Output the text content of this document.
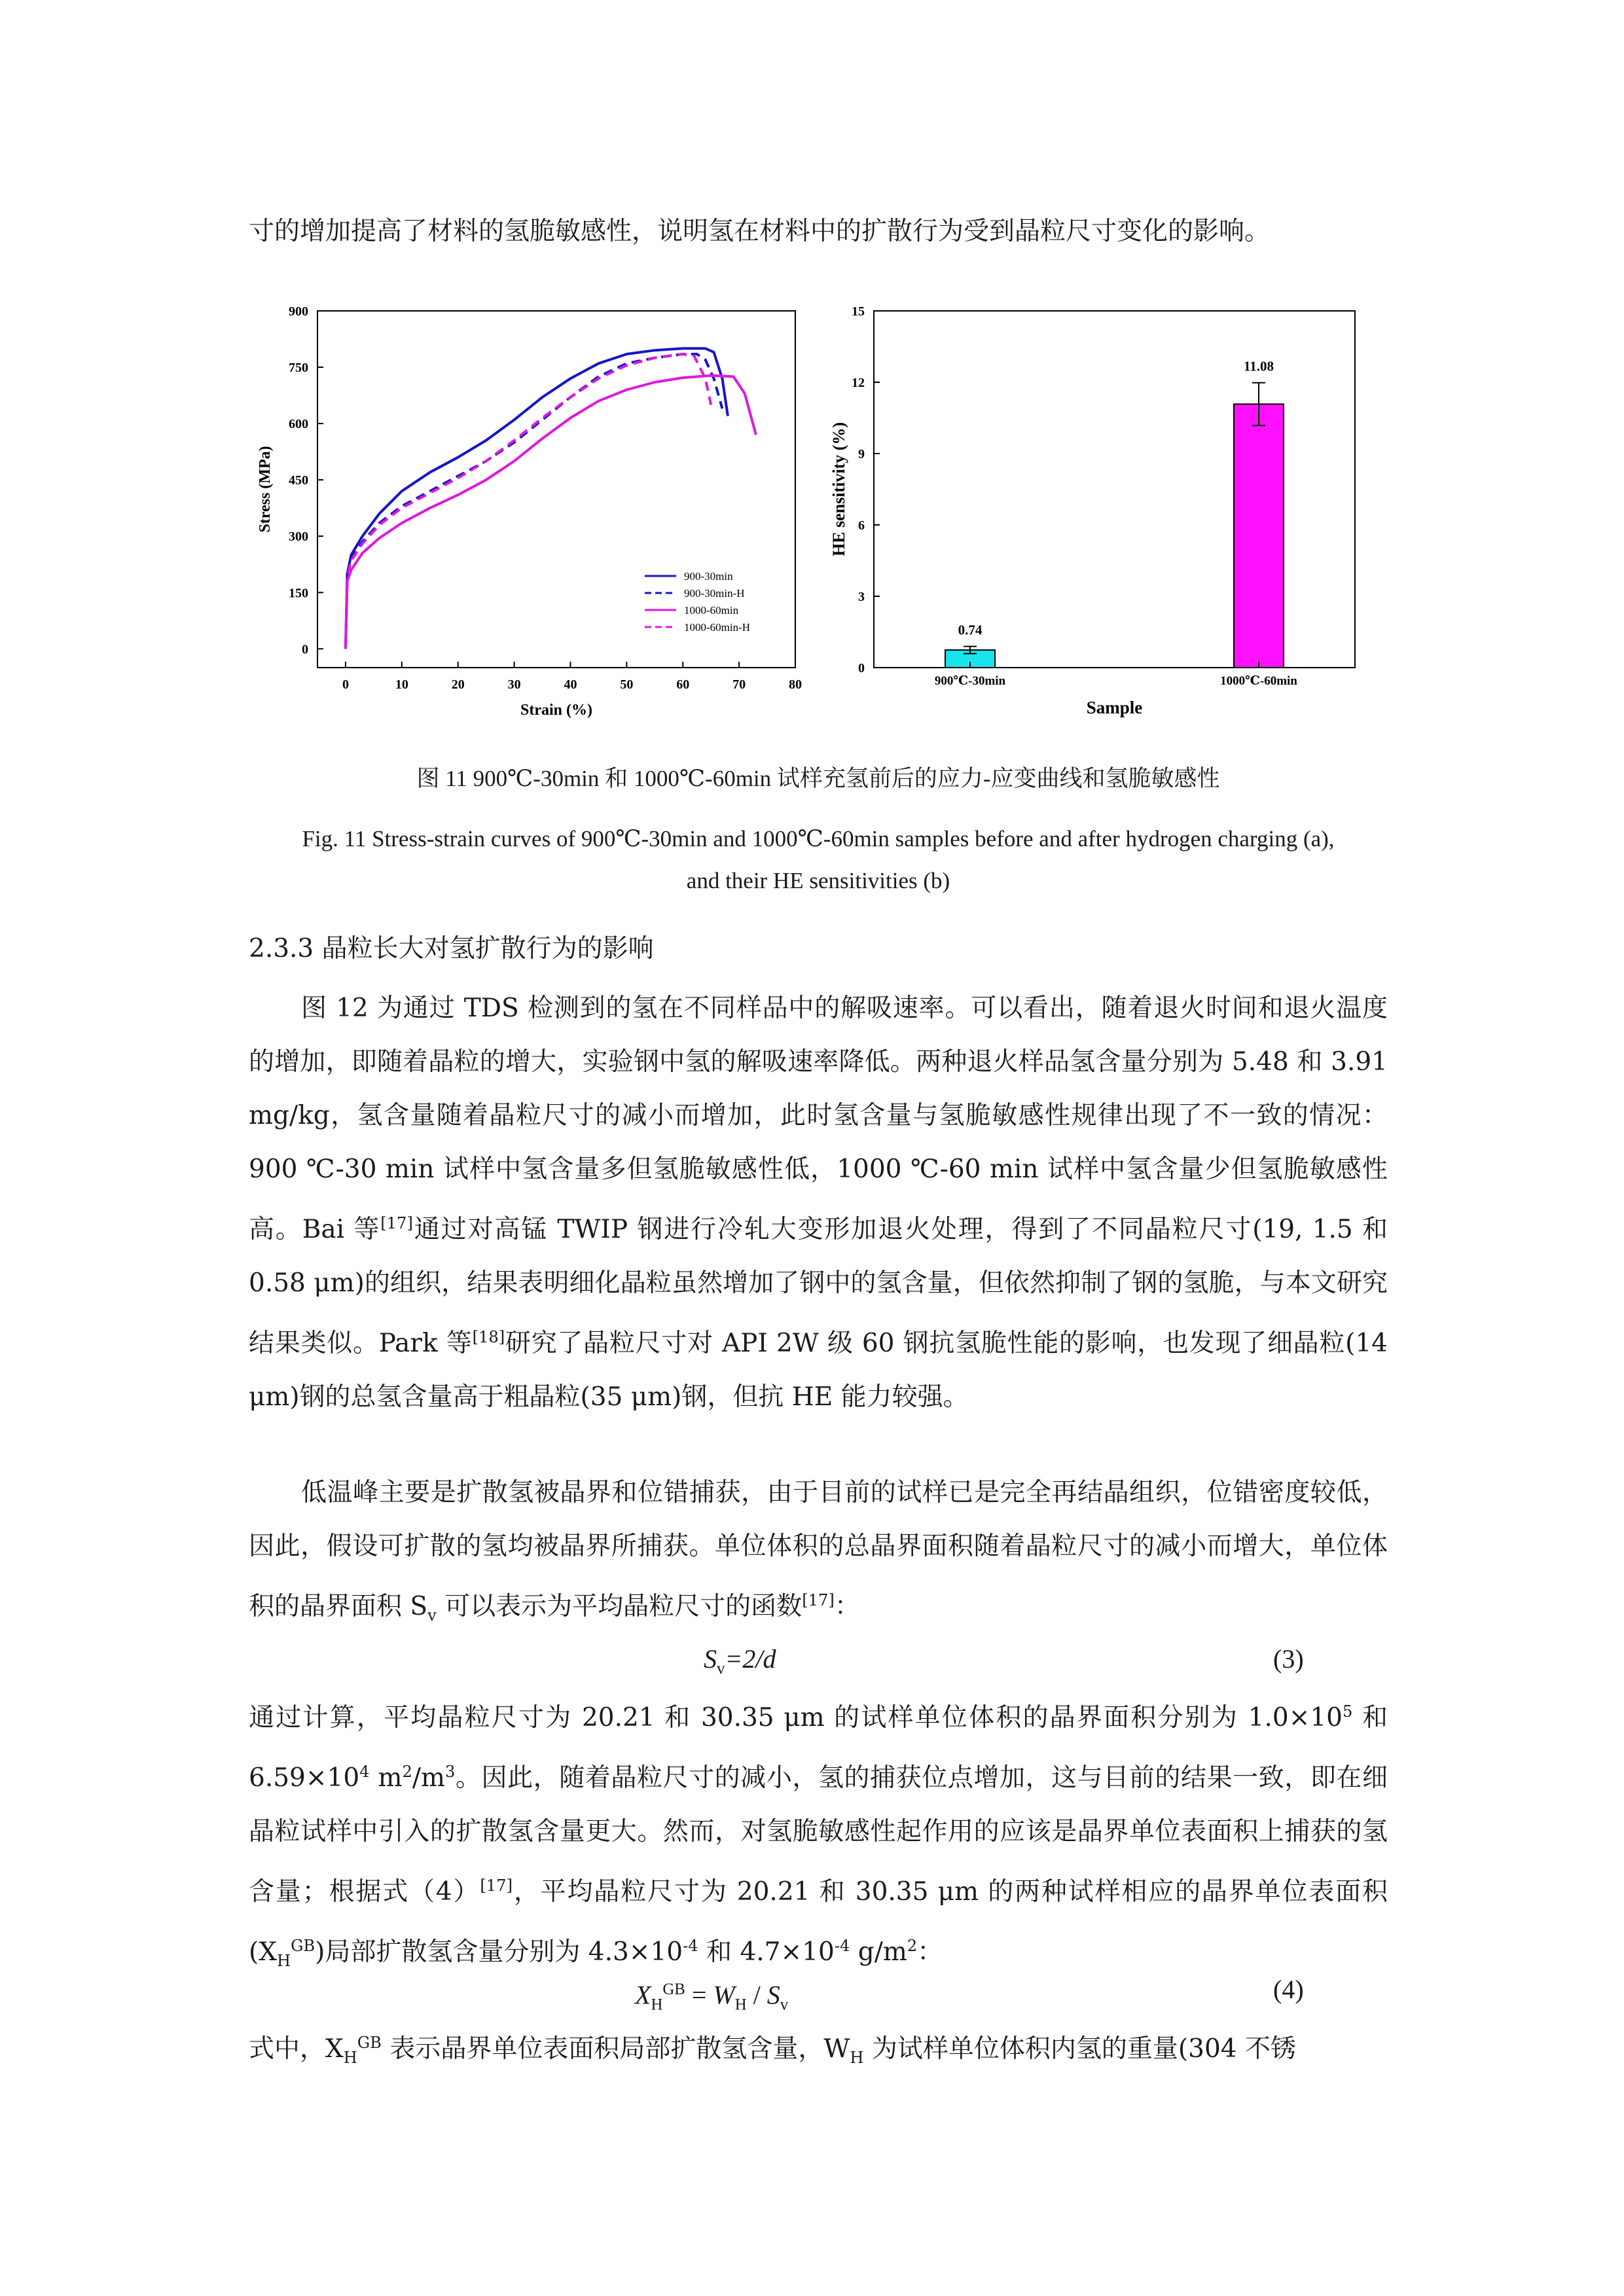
寸的增加提高了材料的氢脆敏感性，说明氢在材料中的扩散行为受到晶粒尺寸变化的影响。

0	10	20	30	40	50	60	70	80
0
150
300
450
600
750
900
Strain (%)
Stress (MPa)
900-30min
900-30min-H
1000-60min
1000-60min-H
0
3
6
9
12
15
0.74
900℃-30min
11.08
1000℃-60min
Sample
HE sensitivity (%)

图 11 900℃-30min 和 1000℃-60min 试样充氢前后的应力-应变曲线和氢脆敏感性

Fig. 11 Stress-strain curves of 900℃-30min and 1000℃-60min samples before and after hydrogen charging (a),

and their HE sensitivities (b)

2.3.3 晶粒长大对氢扩散行为的影响

图 12 为通过 TDS 检测到的氢在不同样品中的解吸速率。可以看出，随着退火时间和退火温度的增加，即随着晶粒的增大，实验钢中氢的解吸速率降低。两种退火样品氢含量分别为 5.48 和 3.91 mg/kg，氢含量随着晶粒尺寸的减小而增加，此时氢含量与氢脆敏感性规律出现了不一致的情况：900 ℃-30 min 试样中氢含量多但氢脆敏感性低，1000 ℃-60 min 试样中氢含量少但氢脆敏感性高。Bai 等[17]通过对高锰 TWIP 钢进行冷轧大变形加退火处理，得到了不同晶粒尺寸(19, 1.5 和 0.58 μm)的组织，结果表明细化晶粒虽然增加了钢中的氢含量，但依然抑制了钢的氢脆，与本文研究结果类似。Park 等[18]研究了晶粒尺寸对 API 2W 级 60 钢抗氢脆性能的影响，也发现了细晶粒(14 μm)钢的总氢含量高于粗晶粒(35 μm)钢，但抗 HE 能力较强。

低温峰主要是扩散氢被晶界和位错捕获，由于目前的试样已是完全再结晶组织，位错密度较低，因此，假设可扩散的氢均被晶界所捕获。单位体积的总晶界面积随着晶粒尺寸的减小而增大，单位体积的晶界面积 $S_v$ 可以表示为平均晶粒尺寸的函数[17]：

$S_v=2/d$	(3)

通过计算，平均晶粒尺寸为 20.21 和 30.35 μm 的试样单位体积的晶界面积分别为 $1.0\times 10^5$ 和 $6.59\times 10^4$ $m^2/m^3$。因此，随着晶粒尺寸的减小，氢的捕获位点增加，这与目前的结果一致，即在细晶粒试样中引入的扩散氢含量更大。然而，对氢脆敏感性起作用的应该是晶界单位表面积上捕获的氢含量；根据式（4）[17]，平均晶粒尺寸为 20.21 和 30.35 μm 的两种试样相应的晶界单位表面积$(X_H^{GB})$局部扩散氢含量分别为 $4.3\times 10^{-4}$ 和 $4.7\times 10^{-4}$ $g/m^2$：

$X_H^{GB} = W_H / S_v$
(4)

式中，$X_H^{GB}$ 表示晶界单位表面积局部扩散氢含量，$W_H$ 为试样单位体积内氢的重量(304 不锈
